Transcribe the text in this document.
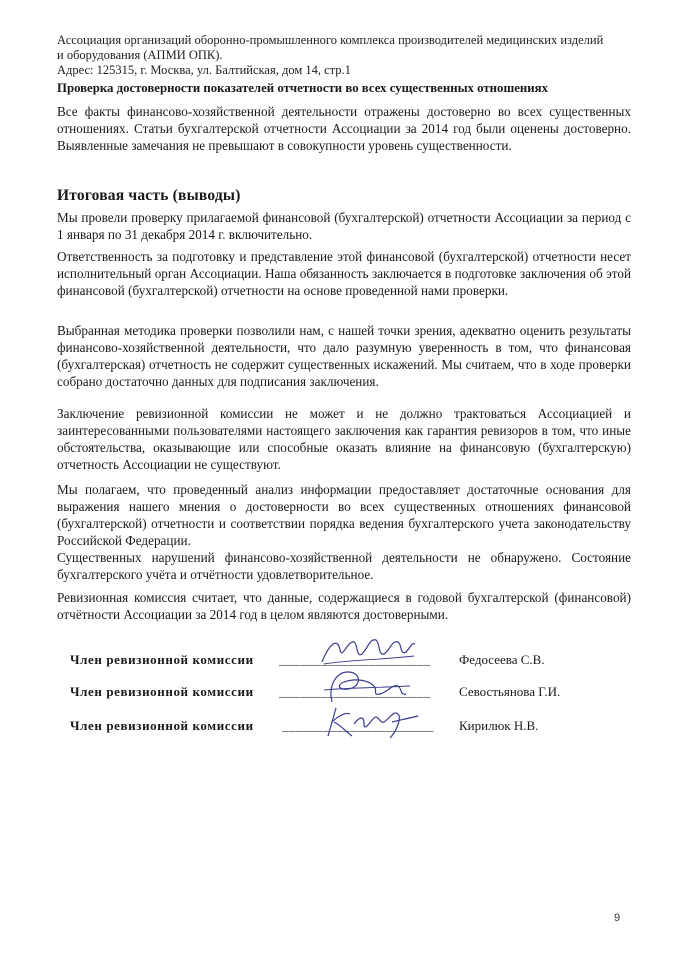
Ассоциация организаций оборонно-промышленного комплекса производителей медицинских изделий
и оборудования (АПМИ ОПК).
Адрес: 125315, г. Москва, ул. Балтийская, дом 14, стр.1
Проверка достоверности показателей отчетности во всех существенных отношениях
Все факты финансово-хозяйственной деятельности отражены достоверно во всех существенных отношениях. Статьи бухгалтерской отчетности Ассоциации за 2014 год были оценены достоверно. Выявленные замечания не превышают в совокупности уровень существенности.
Итоговая часть (выводы)
Мы провели проверку прилагаемой финансовой (бухгалтерской) отчетности Ассоциации за период с 1 января по 31 декабря 2014 г. включительно.
Ответственность за подготовку и представление этой финансовой (бухгалтерской) отчетности несет исполнительный орган Ассоциации. Наша обязанность заключается в подготовке заключения об этой финансовой (бухгалтерской) отчетности на основе проведенной нами проверки.
Выбранная методика проверки позволили нам, с нашей точки зрения, адекватно оценить результаты финансово-хозяйственной деятельности, что дало разумную уверенность в том, что финансовая (бухгалтерская) отчетность не содержит существенных искажений. Мы считаем, что в ходе проверки собрано достаточно данных для подписания заключения.
Заключение ревизионной комиссии не может и не должно трактоваться Ассоциацией и заинтересованными пользователями настоящего заключения как гарантия ревизоров в том, что иные обстоятельства, оказывающие или способные оказать влияние на финансовую (бухгалтерскую) отчетность Ассоциации не существуют.
Мы полагаем, что проведенный анализ информации предоставляет достаточные основания для выражения нашего мнения о достоверности во всех существенных отношениях финансовой (бухгалтерской) отчетности и соответствии порядка ведения бухгалтерского учета законодательству Российской Федерации.
Существенных нарушений финансово-хозяйственной деятельности не обнаружено. Состояние бухгалтерского учёта и отчётности удовлетворительное.
Ревизионная комиссия считает, что данные, содержащиеся в годовой бухгалтерской (финансовой) отчётности Ассоциации за 2014 год в целом являются достоверными.
Член ревизионной комиссии ______________________ Федосеева С.В.
Член ревизионной комиссии ______________________ Севостьянова Г.И.
Член ревизионной комиссии ______________________ Кирилюк Н.В.
9
